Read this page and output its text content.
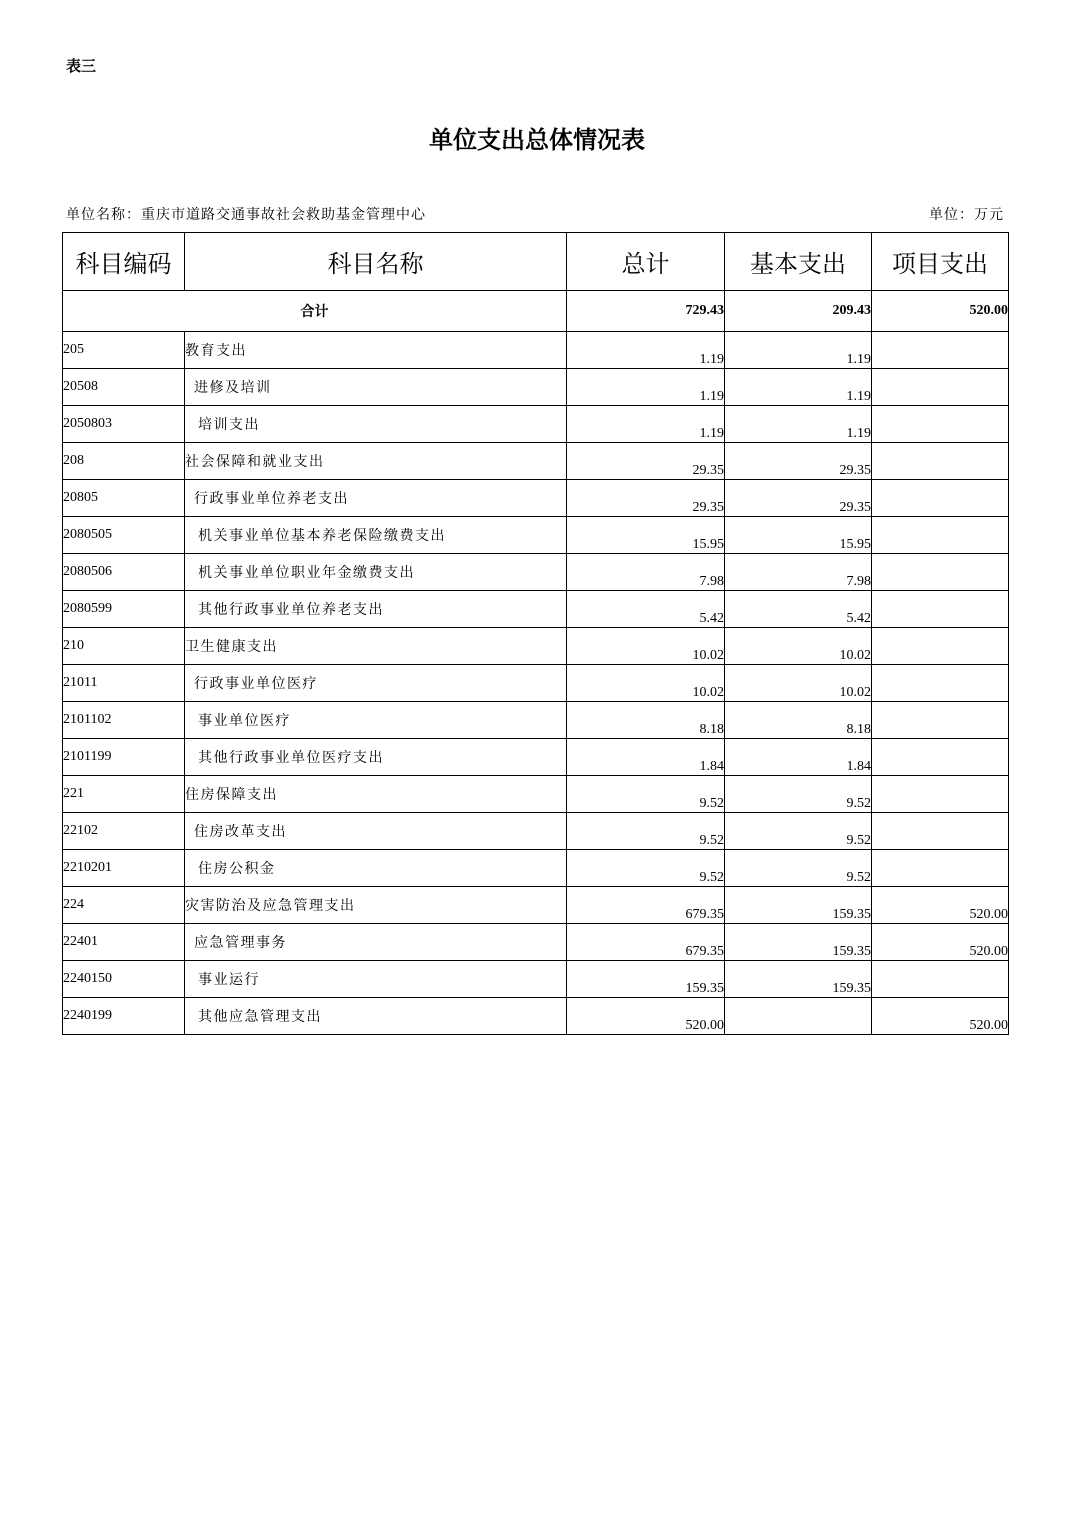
表三
单位支出总体情况表
单位名称：重庆市道路交通事故社会救助基金管理中心	单位：万元
科目编码	科目名称	总计	基本支出	项目支出
合计		729.43	209.43	520.00
205	教育支出	1.19	1.19	
20508	进修及培训	1.19	1.19	
2050803	培训支出	1.19	1.19	
208	社会保障和就业支出	29.35	29.35	
20805	行政事业单位养老支出	29.35	29.35	
2080505	机关事业单位基本养老保险缴费支出	15.95	15.95	
2080506	机关事业单位职业年金缴费支出	7.98	7.98	
2080599	其他行政事业单位养老支出	5.42	5.42	
210	卫生健康支出	10.02	10.02	
21011	行政事业单位医疗	10.02	10.02	
2101102	事业单位医疗	8.18	8.18	
2101199	其他行政事业单位医疗支出	1.84	1.84	
221	住房保障支出	9.52	9.52	
22102	住房改革支出	9.52	9.52	
2210201	住房公积金	9.52	9.52	
224	灾害防治及应急管理支出	679.35	159.35	520.00
22401	应急管理事务	679.35	159.35	520.00
2240150	事业运行	159.35	159.35	
2240199	其他应急管理支出	520.00		520.00
